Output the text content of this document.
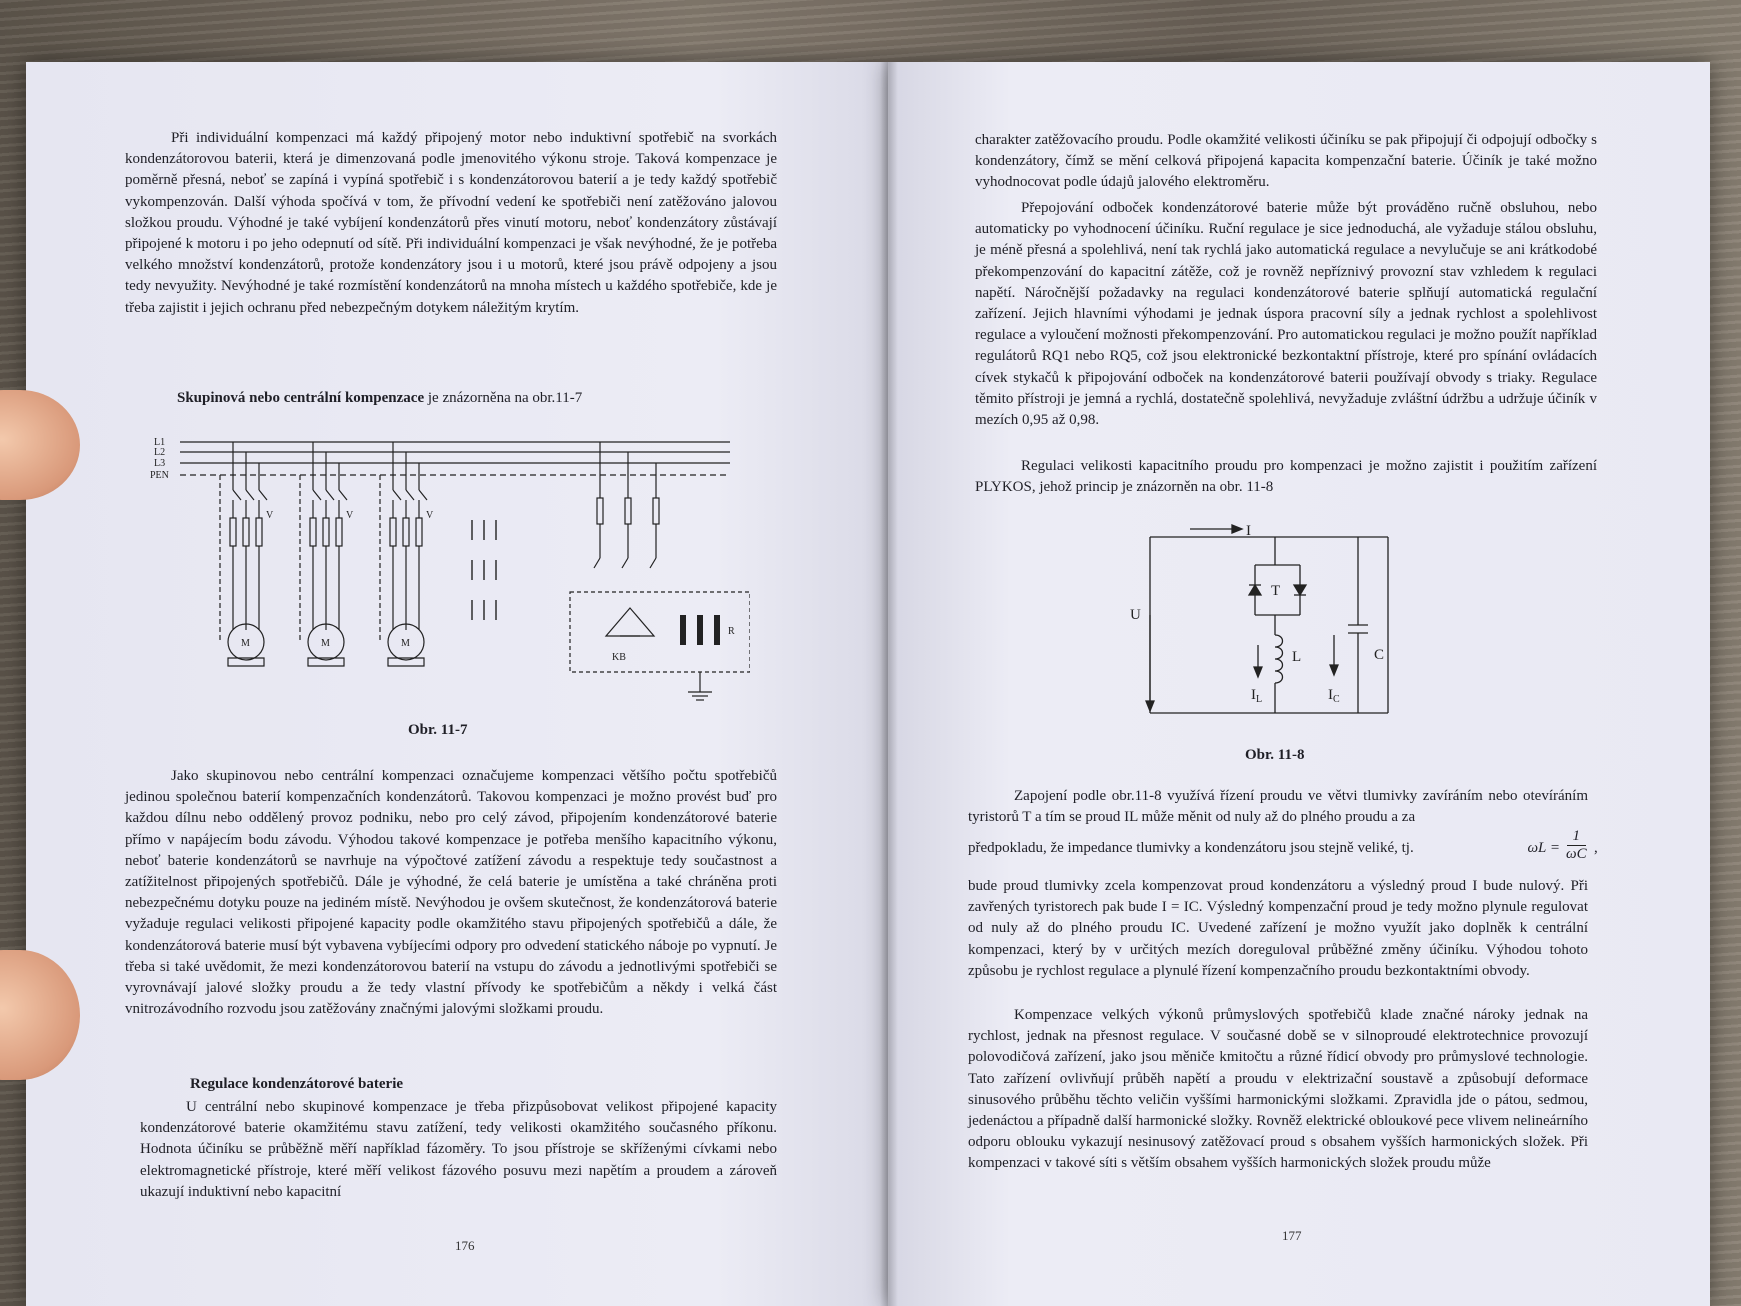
Při individuální kompenzaci má každý připojený motor nebo induktivní spotřebič na svorkách kondenzátorovou baterii, která je dimenzovaná podle jmenovitého výkonu stroje. Taková kompenzace je poměrně přesná, neboť se zapíná i vypíná spotřebič i s kondenzátorovou baterií a je tedy každý spotřebič vykompenzován. Další výhoda spočívá v tom, že přívodní vedení ke spotřebiči není zatěžováno jalovou složkou proudu. Výhodné je také vybíjení kondenzátorů přes vinutí motoru, neboť kondenzátory zůstávají připojené k motoru i po jeho odepnutí od sítě. Při individuální kompenzaci je však nevýhodné, že je potřeba velkého množství kondenzátorů, protože kondenzátory jsou i u motorů, které jsou právě odpojeny a jsou tedy nevyužity. Nevýhodné je také rozmístění kondenzátorů na mnoha místech u každého spotřebiče, kde je třeba zajistit i jejich ochranu před nebezpečným dotykem náležitým krytím.

Skupinová nebo centrální kompenzace je znázorněna na obr.11-7

L1
L2
L3
PEN
V	V	V
M	M	M
KB
R

Obr. 11-7

Jako skupinovou nebo centrální kompenzaci označujeme kompenzaci většího počtu spotřebičů jedinou společnou baterií kompenzačních kondenzátorů. Takovou kompenzaci je možno provést buď pro každou dílnu nebo oddělený provoz podniku, nebo pro celý závod, připojením kondenzátorové baterie přímo v napájecím bodu závodu. Výhodou takové kompenzace je potřeba menšího kapacitního výkonu, neboť baterie kondenzátorů se navrhuje na výpočtové zatížení závodu a respektuje tedy součastnost a zatížitelnost připojených spotřebičů. Dále je výhodné, že celá baterie je umístěna a také chráněna proti nebezpečnému dotyku pouze na jediném místě. Nevýhodou je ovšem skutečnost, že kondenzátorová baterie vyžaduje regulaci velikosti připojené kapacity podle okamžitého stavu připojených spotřebičů a dále, že kondenzátorová baterie musí být vybavena vybíjecími odpory pro odvedení statického náboje po vypnutí. Je třeba si také uvědomit, že mezi kondenzátorovou baterií na vstupu do závodu a jednotlivými spotřebiči se vyrovnávají jalové složky proudu a že tedy vlastní přívody ke spotřebičům a někdy i velká část vnitrozávodního rozvodu jsou zatěžovány značnými jalovými složkami proudu.

Regulace kondenzátorové baterie

U centrální nebo skupinové kompenzace je třeba přizpůsobovat velikost připojené kapacity kondenzátorové baterie okamžitému stavu zatížení, tedy velikosti okamžitého současného příkonu. Hodnota účiníku se průběžně měří například fázoměry. To jsou přístroje se skříženými cívkami nebo elektromagnetické přístroje, které měří velikost fázového posuvu mezi napětím a proudem a zároveň ukazují induktivní nebo kapacitní

176

charakter zatěžovacího proudu. Podle okamžité velikosti účiníku se pak připojují či odpojují odbočky s kondenzátory, čímž se mění celková připojená kapacita kompenzační baterie. Účiník je také možno vyhodnocovat podle údajů jalového elektroměru.

Přepojování odboček kondenzátorové baterie může být prováděno ručně obsluhou, nebo automaticky po vyhodnocení účiníku. Ruční regulace je sice jednoduchá, ale vyžaduje stálou obsluhu, je méně přesná a spolehlivá, není tak rychlá jako automatická regulace a nevylučuje se ani krátkodobé překompenzování do kapacitní zátěže, což je rovněž nepříznivý provozní stav vzhledem k regulaci napětí. Náročnější požadavky na regulaci kondenzátorové baterie splňují automatická regulační zařízení. Jejich hlavními výhodami je jednak úspora pracovní síly a jednak rychlost a spolehlivost regulace a vyloučení možnosti překompenzování. Pro automatickou regulaci je možno použít například regulátorů RQ1 nebo RQ5, což jsou elektronické bezkontaktní přístroje, které pro spínání ovládacích cívek stykačů k připojování odboček na kondenzátorové baterii používají obvody s triaky. Regulace těmito přístroji je jemná a rychlá, dostatečně spolehlivá, nevyžaduje zvláštní údržbu a udržuje účiník v mezích 0,95 až 0,98.

Regulaci velikosti kapacitního proudu pro kompenzaci je možno zajistit i použitím zařízení PLYKOS, jehož princip je znázorněn na obr. 11-8

I
U
T
L	C
$I_L$	$I_C$

Obr. 11-8

Zapojení podle obr.11-8 využívá řízení proudu ve větvi tlumivky zavíráním nebo otevíráním tyristorů T a tím se proud IL může měnit od nuly až do plného proudu a za

předpokladu, že impedance tlumivky a kondenzátoru jsou stejně veliké, tj.	$\omega L = \frac{1}{\omega C}$ ,

bude proud tlumivky zcela kompenzovat proud kondenzátoru a výsledný proud I bude nulový. Při zavřených tyristorech pak bude I = IC. Výsledný kompenzační proud je tedy možno plynule regulovat od nuly až do plného proudu IC. Uvedené zařízení je možno využít jako doplněk k centrální kompenzaci, který by v určitých mezích doreguloval průběžné změny účiníku. Výhodou tohoto způsobu je rychlost regulace a plynulé řízení kompenzačního proudu bezkontaktními obvody.

Kompenzace velkých výkonů průmyslových spotřebičů klade značné nároky jednak na rychlost, jednak na přesnost regulace. V současné době se v silnoproudé elektrotechnice provozují polovodičová zařízení, jako jsou měniče kmitočtu a různé řídicí obvody pro průmyslové technologie. Tato zařízení ovlivňují průběh napětí a proudu v elektrizační soustavě a způsobují deformace sinusového průběhu těchto veličin vyššími harmonickými složkami. Zpravidla jde o pátou, sedmou, jedenáctou a případně další harmonické složky. Rovněž elektrické obloukové pece vlivem nelineárního odporu oblouku vykazují nesinusový zatěžovací proud s obsahem vyšších harmonických složek. Při kompenzaci v takové síti s větším obsahem vyšších harmonických složek proudu může

177
